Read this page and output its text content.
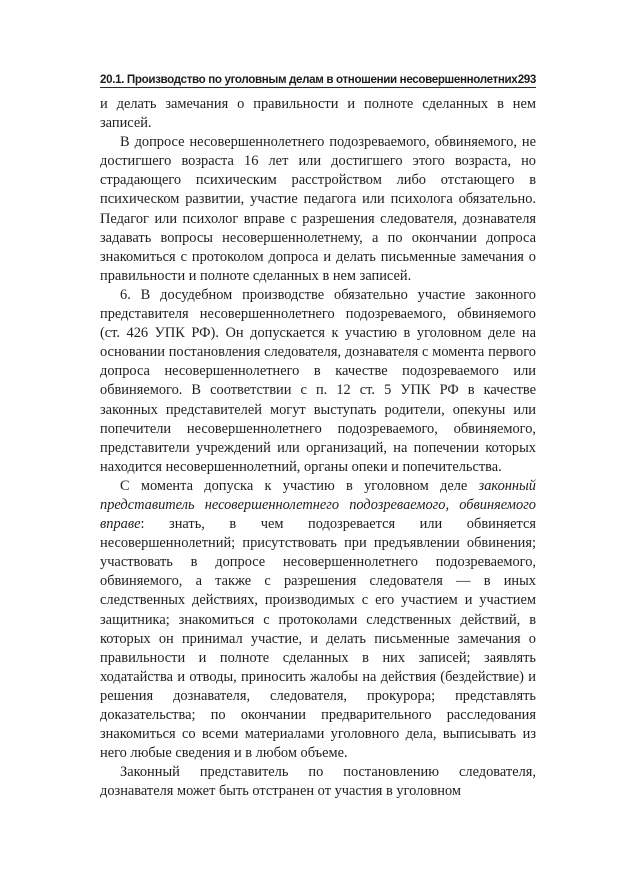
20.1. Производство по уголовным делам в отношении несовершеннолетних 293

и делать замечания о правильности и полноте сделанных в нем записей.

В допросе несовершеннолетнего подозреваемого, обвиняемого, не достигшего возраста 16 лет или достигшего этого возраста, но страдающего психическим расстройством либо отстающего в психическом развитии, участие педагога или психолога обязательно. Педагог или психолог вправе с разрешения следователя, дознавателя задавать вопросы несовершеннолетнему, а по окончании допроса знакомиться с протоколом допроса и делать письменные замечания о правильности и полноте сделанных в нем записей.

6. В досудебном производстве обязательно участие законного представителя несовершеннолетнего подозреваемого, обвиняемого (ст. 426 УПК РФ). Он допускается к участию в уголовном деле на основании постановления следователя, дознавателя с момента первого допроса несовершеннолетнего в качестве подозреваемого или обвиняемого. В соответствии с п. 12 ст. 5 УПК РФ в качестве законных представителей могут выступать родители, опекуны или попечители несовершеннолетнего подозреваемого, обвиняемого, представители учреждений или организаций, на попечении которых находится несовершеннолетний, органы опеки и попечительства.

С момента допуска к участию в уголовном деле законный представитель несовершеннолетнего подозреваемого, обвиняемого вправе: знать, в чем подозревается или обвиняется несовершеннолетний; присутствовать при предъявлении обвинения; участвовать в допросе несовершеннолетнего подозреваемого, обвиняемого, а также с разрешения следователя — в иных следственных действиях, производимых с его участием и участием защитника; знакомиться с протоколами следственных действий, в которых он принимал участие, и делать письменные замечания о правильности и полноте сделанных в них записей; заявлять ходатайства и отводы, приносить жалобы на действия (бездействие) и решения дознавателя, следователя, прокурора; представлять доказательства; по окончании предварительного расследования знакомиться со всеми материалами уголовного дела, выписывать из него любые сведения и в любом объеме.

Законный представитель по постановлению следователя, дознавателя может быть отстранен от участия в уголовном
